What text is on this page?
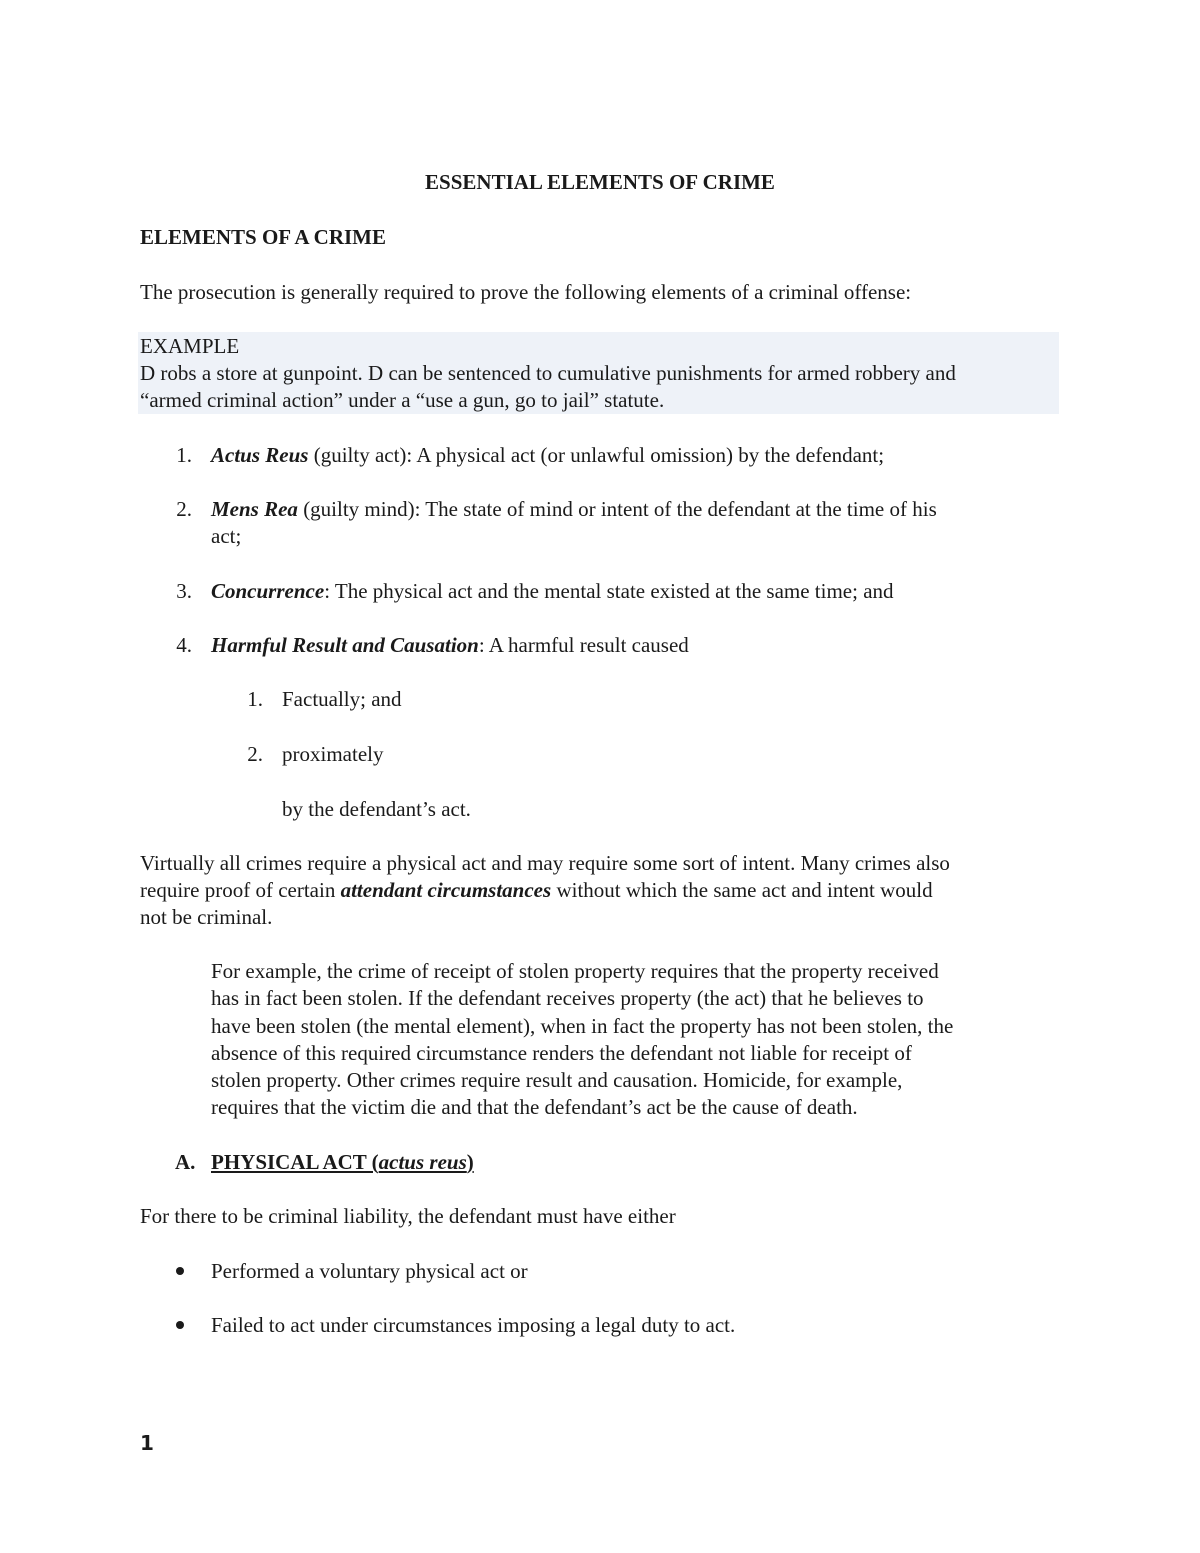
ESSENTIAL ELEMENTS OF CRIME
ELEMENTS OF A CRIME
The prosecution is generally required to prove the following elements of a criminal offense:
EXAMPLE
D robs a store at gunpoint. D can be sentenced to cumulative punishments for armed robbery and
“armed criminal action” under a “use a gun, go to jail” statute.
1. Actus Reus (guilty act): A physical act (or unlawful omission) by the defendant;
2. Mens Rea (guilty mind): The state of mind or intent of the defendant at the time of his
act;
3. Concurrence: The physical act and the mental state existed at the same time; and
4. Harmful Result and Causation: A harmful result caused
1. Factually; and
2. proximately
by the defendant’s act.
Virtually all crimes require a physical act and may require some sort of intent. Many crimes also
require proof of certain attendant circumstances without which the same act and intent would
not be criminal.
For example, the crime of receipt of stolen property requires that the property received
has in fact been stolen. If the defendant receives property (the act) that he believes to
have been stolen (the mental element), when in fact the property has not been stolen, the
absence of this required circumstance renders the defendant not liable for receipt of
stolen property. Other crimes require result and causation. Homicide, for example,
requires that the victim die and that the defendant’s act be the cause of death.
A. PHYSICAL ACT (actus reus)
For there to be criminal liability, the defendant must have either
Performed a voluntary physical act or
Failed to act under circumstances imposing a legal duty to act.
1
